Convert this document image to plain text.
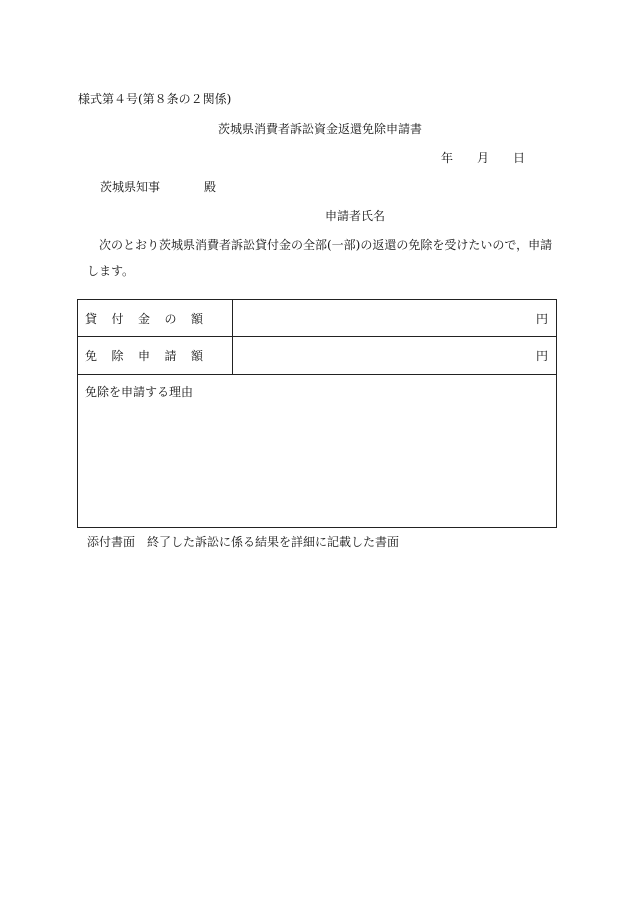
様式第４号(第８条の２関係)
茨城県消費者訴訟資金返還免除申請書
年 月 日
茨城県知事	殿
申請者氏名
次のとおり茨城県消費者訴訟貸付金の全部(一部)の返還の免除を受けたいので，申請
します。
貸付金の額	円
免除申請額	円
免除を申請する理由
添付書面 終了した訴訟に係る結果を詳細に記載した書面
